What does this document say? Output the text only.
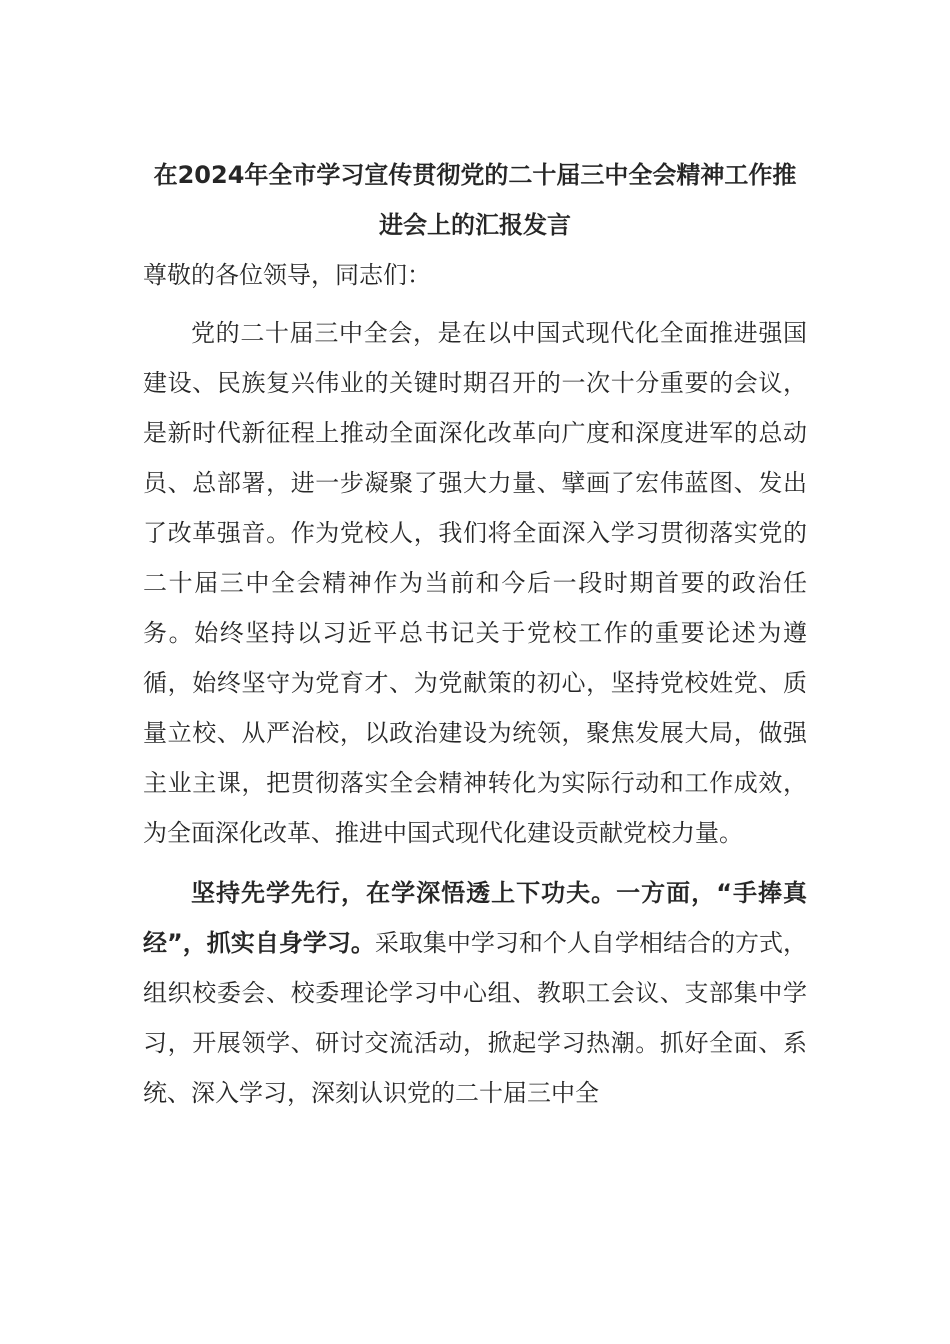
在2024年全市学习宣传贯彻党的二十届三中全会精神工作推进会上的汇报发言

尊敬的各位领导，同志们：

党的二十届三中全会，是在以中国式现代化全面推进强国建设、民族复兴伟业的关键时期召开的一次十分重要的会议，是新时代新征程上推动全面深化改革向广度和深度进军的总动员、总部署，进一步凝聚了强大力量、擘画了宏伟蓝图、发出了改革强音。作为党校人，我们将全面深入学习贯彻落实党的二十届三中全会精神作为当前和今后一段时期首要的政治任务。始终坚持以习近平总书记关于党校工作的重要论述为遵循，始终坚守为党育才、为党献策的初心，坚持党校姓党、质量立校、从严治校，以政治建设为统领，聚焦发展大局，做强主业主课，把贯彻落实全会精神转化为实际行动和工作成效，为全面深化改革、推进中国式现代化建设贡献党校力量。

坚持先学先行，在学深悟透上下功夫。一方面，“手捧真经”，抓实自身学习。采取集中学习和个人自学相结合的方式，组织校委会、校委理论学习中心组、教职工会议、支部集中学习，开展领学、研讨交流活动，掀起学习热潮。抓好全面、系统、深入学习，深刻认识党的二十届三中全
